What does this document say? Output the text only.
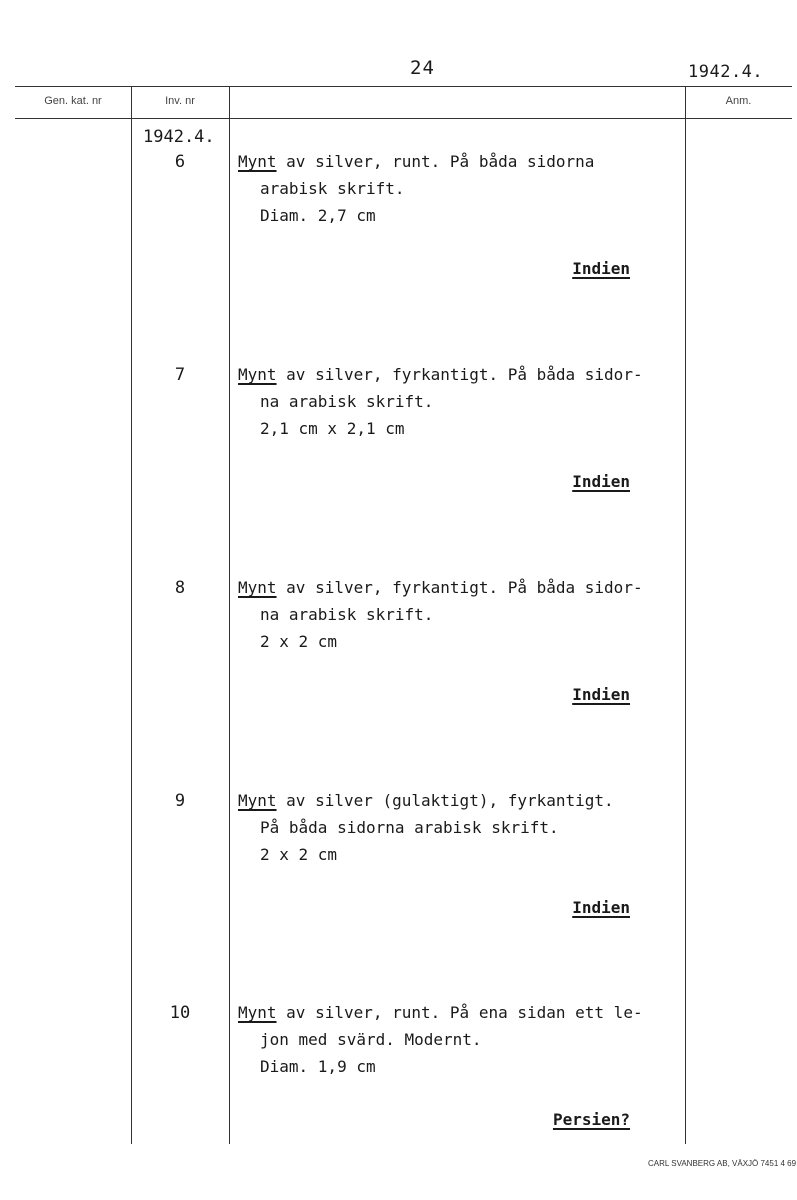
24	1942.4.
Gen. kat. nr	Inv. nr	Anm.
1942.4.
6	Mynt av silver, runt. På båda sidorna
arabisk skrift.
Diam. 2,7 cm
Indien
7	Mynt av silver, fyrkantigt. På båda sidor-
na arabisk skrift.
2,1 cm x 2,1 cm
Indien
8	Mynt av silver, fyrkantigt. På båda sidor-
na arabisk skrift.
2 x 2 cm
Indien
9	Mynt av silver (gulaktigt), fyrkantigt.
På båda sidorna arabisk skrift.
2 x 2 cm
Indien
10	Mynt av silver, runt. På ena sidan ett le-
jon med svärd. Modernt.
Diam. 1,9 cm
Persien?
CARL SVANBERG AB, VÄXJÖ 7451 4 69
